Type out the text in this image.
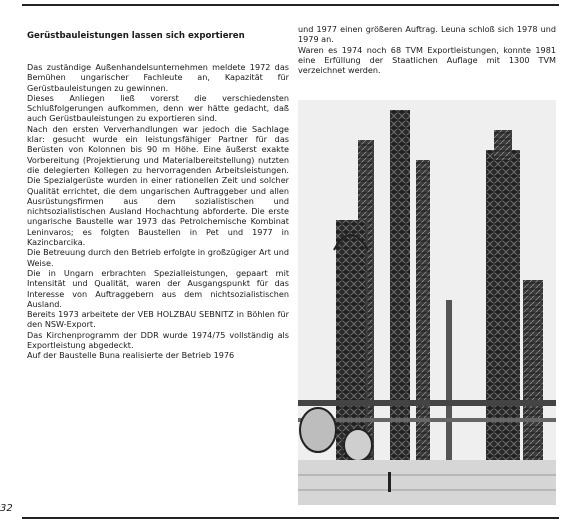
Gerüstbauleistungen lassen sich exportieren

Das zuständige Außenhandelsunternehmen meldete 1972 das Bemühen ungarischer Fachleute an, Kapazität für Gerüstbauleistungen zu gewinnen.

Dieses Anliegen ließ vorerst die verschiedensten Schlußfolgerungen aufkommen, denn wer hätte gedacht, daß auch Gerüstbauleistungen zu exportieren sind.

Nach den ersten Ververhandlungen war jedoch die Sachlage klar: gesucht wurde ein leistungsfähiger Partner für das Berüsten von Kolonnen bis 90 m Höhe. Eine äußerst exakte Vorbereitung (Projektierung und Materialbereitstellung) nutzten die delegierten Kollegen zu hervorragenden Arbeitsleistungen. Die Spezialgerüste wurden in einer rationellen Zeit und solcher Qualität errichtet, die dem ungarischen Auftraggeber und allen Ausrüstungsfirmen aus dem sozialistischen und nichtsozialistischen Ausland Hochachtung abforderte. Die erste ungarische Baustelle war 1973 das Petrolchemische Kombinat Leninvaros; es folgten Baustellen in Pet und 1977 in Kazincbarcika.

Die Betreuung durch den Betrieb erfolgte in großzügiger Art und Weise.

Die in Ungarn erbrachten Spezialleistungen, gepaart mit Intensität und Qualität, waren der Ausgangspunkt für das Interesse von Auftraggebern aus dem nichtsozialistischen Ausland.

Bereits 1973 arbeitete der VEB HOLZBAU SEBNITZ in Böhlen für den NSW-Export.

Das Kirchenprogramm der DDR wurde 1974/75 vollständig als Exportleistung abgedeckt.

Auf der Baustelle Buna realisierte der Betrieb 1976

und 1977 einen größeren Auftrag. Leuna schloß sich 1978 und 1979 an.

Waren es 1974 noch 68 TVM Exportleistungen, konnte 1981 eine Erfüllung der Staatlichen Auflage mit 1300 TVM verzeichnet werden.

32
